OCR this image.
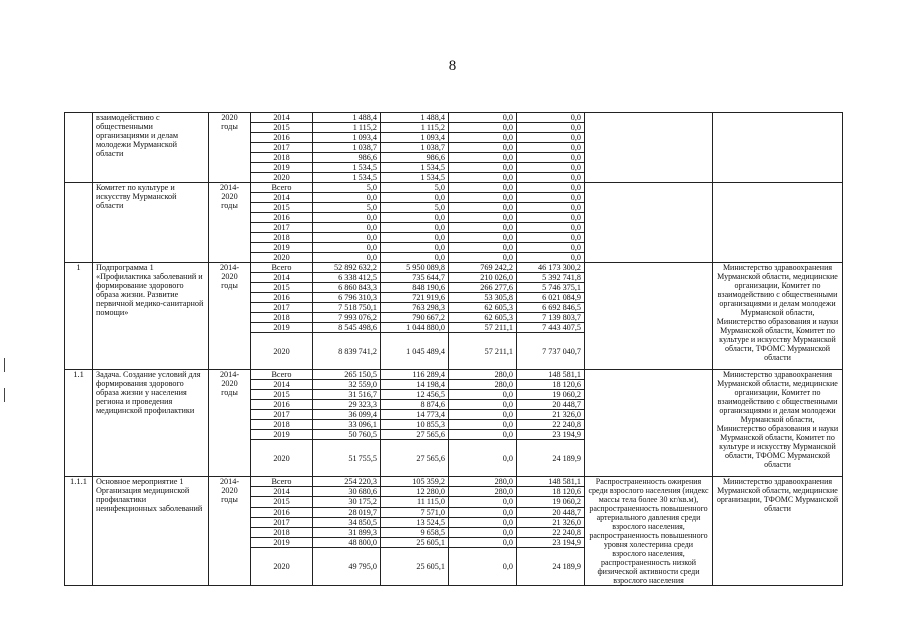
8
	взаимодействию с общественными организациями и делам молодежи Мурманской области	2020 годы	2014	1 488,4	1 488,4	0,0	0,0		
			2015	1 115,2	1 115,2	0,0	0,0		
			2016	1 093,4	1 093,4	0,0	0,0		
			2017	1 038,7	1 038,7	0,0	0,0		
			2018	986,6	986,6	0,0	0,0		
			2019	1 534,5	1 534,5	0,0	0,0		
			2020	1 534,5	1 534,5	0,0	0,0		
	Комитет по культуре и искусству Мурманской области	2014-2020 годы	Всего	5,0	5,0	0,0	0,0		
			2014	0,0	0,0	0,0	0,0		
			2015	5,0	5,0	0,0	0,0		
			2016	0,0	0,0	0,0	0,0		
			2017	0,0	0,0	0,0	0,0		
			2018	0,0	0,0	0,0	0,0		
			2019	0,0	0,0	0,0	0,0		
			2020	0,0	0,0	0,0	0,0		
1	Подпрограмма 1 «Профилактика заболеваний и формирование здорового образа жизни. Развитие первичной медико-санитарной помощи»	2014-2020 годы	Всего	52 892 632,2	5 950 089,8	769 242,2	46 173 300,2		Министерство здравоохранения Мурманской области, медицинские организации, Комитет по взаимодействию с общественными организациями и делам молодежи Мурманской области, Министерство образования и науки Мурманской области, Комитет по культуре и искусству Мурманской области, ТФОМС Мурманской области
			2014	6 338 412,5	735 644,7	210 026,0	5 392 741,8		
			2015	6 860 843,3	848 190,6	266 277,6	5 746 375,1		
			2016	6 796 310,3	721 919,6	53 305,8	6 021 084,9		
			2017	7 518 750,1	763 298,3	62 605,3	6 692 846,5		
			2018	7 993 076,2	790 667,2	62 605,3	7 139 803,7		
			2019	8 545 498,6	1 044 880,0	57 211,1	7 443 407,5		
			2020	8 839 741,2	1 045 489,4	57 211,1	7 737 040,7		
1.1	Задача. Создание условий для формирования здорового образа жизни у населения региона и проведения медицинской профилактики	2014-2020 годы	Всего	265 150,5	116 289,4	280,0	148 581,1		Министерство здравоохранения Мурманской области, медицинские организации, Комитет по взаимодействию с общественными организациями и делам молодежи Мурманской области, Министерство образования и науки Мурманской области, Комитет по культуре и искусству Мурманской области, ТФОМС Мурманской области
			2014	32 559,0	14 198,4	280,0	18 120,6		
			2015	31 516,7	12 456,5	0,0	19 060,2		
			2016	29 323,3	8 874,6	0,0	20 448,7		
			2017	36 099,4	14 773,4	0,0	21 326,0		
			2018	33 096,1	10 855,3	0,0	22 240,8		
			2019	50 760,5	27 565,6	0,0	23 194,9		
			2020	51 755,5	27 565,6	0,0	24 189,9		
1.1.1	Основное мероприятие 1 Организация медицинской профилактики неинфекционных заболеваний	2014-2020 годы	Всего	254 220,3	105 359,2	280,0	148 581,1	Распространенность ожирения среди взрослого населения (индекс массы тела более 30 кг/кв.м), распространенность повышенного артериального давления среди взрослого населения, распространенность повышенного уровня холестерина среди взрослого населения, распространенность низкой физической активности среди взрослого населения	Министерство здравоохранения Мурманской области, медицинские организации, ТФОМС Мурманской области
			2014	30 680,6	12 280,0	280,0	18 120,6		
			2015	30 175,2	11 115,0	0,0	19 060,2		
			2016	28 019,7	7 571,0	0,0	20 448,7		
			2017	34 850,5	13 524,5	0,0	21 326,0		
			2018	31 899,3	9 658,5	0,0	22 240,8		
			2019	48 800,0	25 605,1	0,0	23 194,9		
			2020	49 795,0	25 605,1	0,0	24 189,9		
